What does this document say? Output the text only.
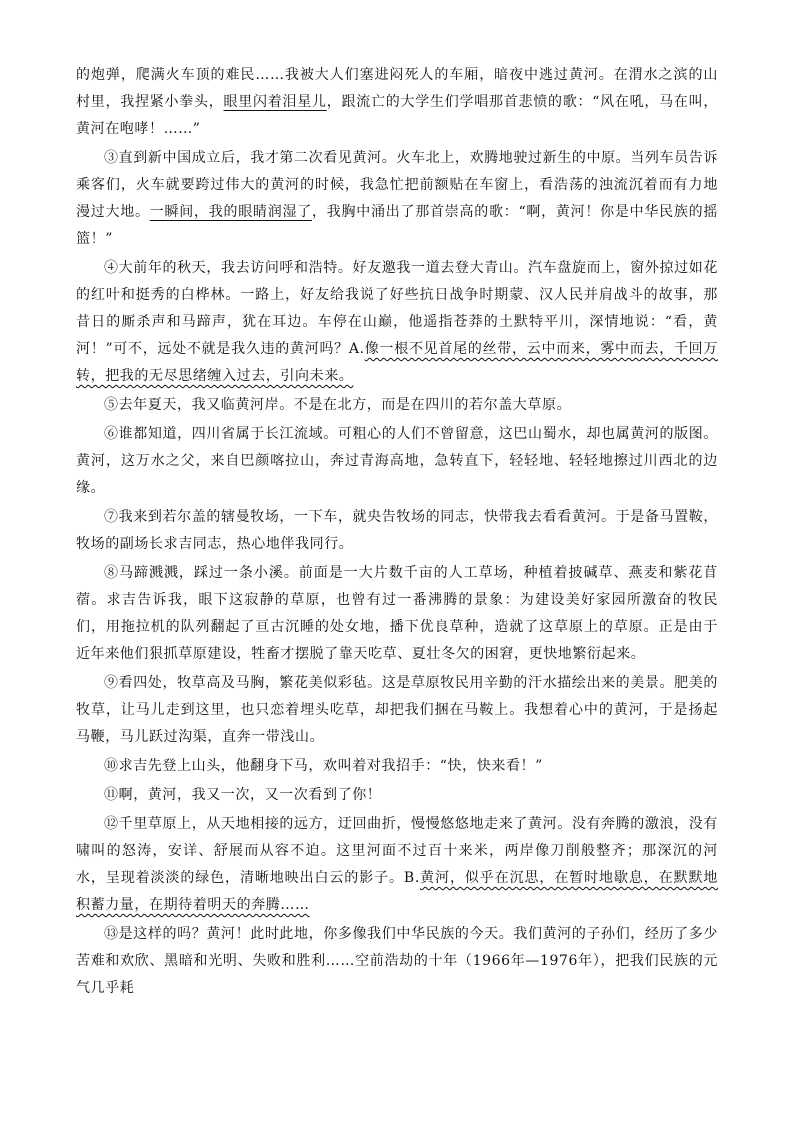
的炮弹，爬满火车顶的难民……我被大人们塞进闷死人的车厢，暗夜中逃过黄河。在渭水之滨的山村里，我捏紧小拳头，眼里闪着泪星儿，跟流亡的大学生们学唱那首悲愤的歌：“风在吼，马在叫，黄河在咆哮！……”

③直到新中国成立后，我才第二次看见黄河。火车北上，欢腾地驶过新生的中原。当列车员告诉乘客们，火车就要跨过伟大的黄河的时候，我急忙把前额贴在车窗上，看浩荡的浊流沉着而有力地漫过大地。一瞬间，我的眼睛润湿了，我胸中涌出了那首崇高的歌：“啊，黄河！你是中华民族的摇篮！”

④大前年的秋天，我去访问呼和浩特。好友邀我一道去登大青山。汽车盘旋而上，窗外掠过如花的红叶和挺秀的白桦林。一路上，好友给我说了好些抗日战争时期蒙、汉人民并肩战斗的故事，那昔日的厮杀声和马蹄声，犹在耳边。车停在山巅，他遥指苍莽的土默特平川，深情地说：“看，黄河！”可不，远处不就是我久违的黄河吗？A.像一根不见首尾的丝带，云中而来，雾中而去，千回万转，把我的无尽思绪缠入过去，引向未来。

⑤去年夏天，我又临黄河岸。不是在北方，而是在四川的若尔盖大草原。

⑥谁都知道，四川省属于长江流域。可粗心的人们不曾留意，这巴山蜀水，却也属黄河的版图。黄河，这万水之父，来自巴颜喀拉山，奔过青海高地，急转直下，轻轻地、轻轻地擦过川西北的边缘。

⑦我来到若尔盖的辖曼牧场，一下车，就央告牧场的同志，快带我去看看黄河。于是备马置鞍，牧场的副场长求吉同志，热心地伴我同行。

⑧马蹄溅溅，踩过一条小溪。前面是一大片数千亩的人工草场，种植着披碱草、燕麦和紫花苜蓿。求吉告诉我，眼下这寂静的草原，也曾有过一番沸腾的景象：为建设美好家园所激奋的牧民们，用拖拉机的队列翻起了亘古沉睡的处女地，播下优良草种，造就了这草原上的草原。正是由于近年来他们狠抓草原建设，牲畜才摆脱了靠天吃草、夏壮冬欠的困窘，更快地繁衍起来。

⑨看四处，牧草高及马胸，繁花美似彩毡。这是草原牧民用辛勤的汗水描绘出来的美景。肥美的牧草，让马儿走到这里，也只恋着埋头吃草，却把我们捆在马鞍上。我想着心中的黄河，于是扬起马鞭，马儿跃过沟渠，直奔一带浅山。

⑩求吉先登上山头，他翻身下马，欢叫着对我招手：“快，快来看！”

⑪啊，黄河，我又一次，又一次看到了你！

⑫千里草原上，从天地相接的远方，迂回曲折，慢慢悠悠地走来了黄河。没有奔腾的激浪，没有啸叫的怒涛，安详、舒展而从容不迫。这里河面不过百十来米，两岸像刀削般整齐；那深沉的河水，呈现着淡淡的绿色，清晰地映出白云的影子。B.黄河，似乎在沉思，在暂时地歇息，在默默地积蓄力量，在期待着明天的奔腾……

⑬是这样的吗？黄河！此时此地，你多像我们中华民族的今天。我们黄河的子孙们，经历了多少苦难和欢欣、黑暗和光明、失败和胜利……空前浩劫的十年（1966年—1976年），把我们民族的元气几乎耗
